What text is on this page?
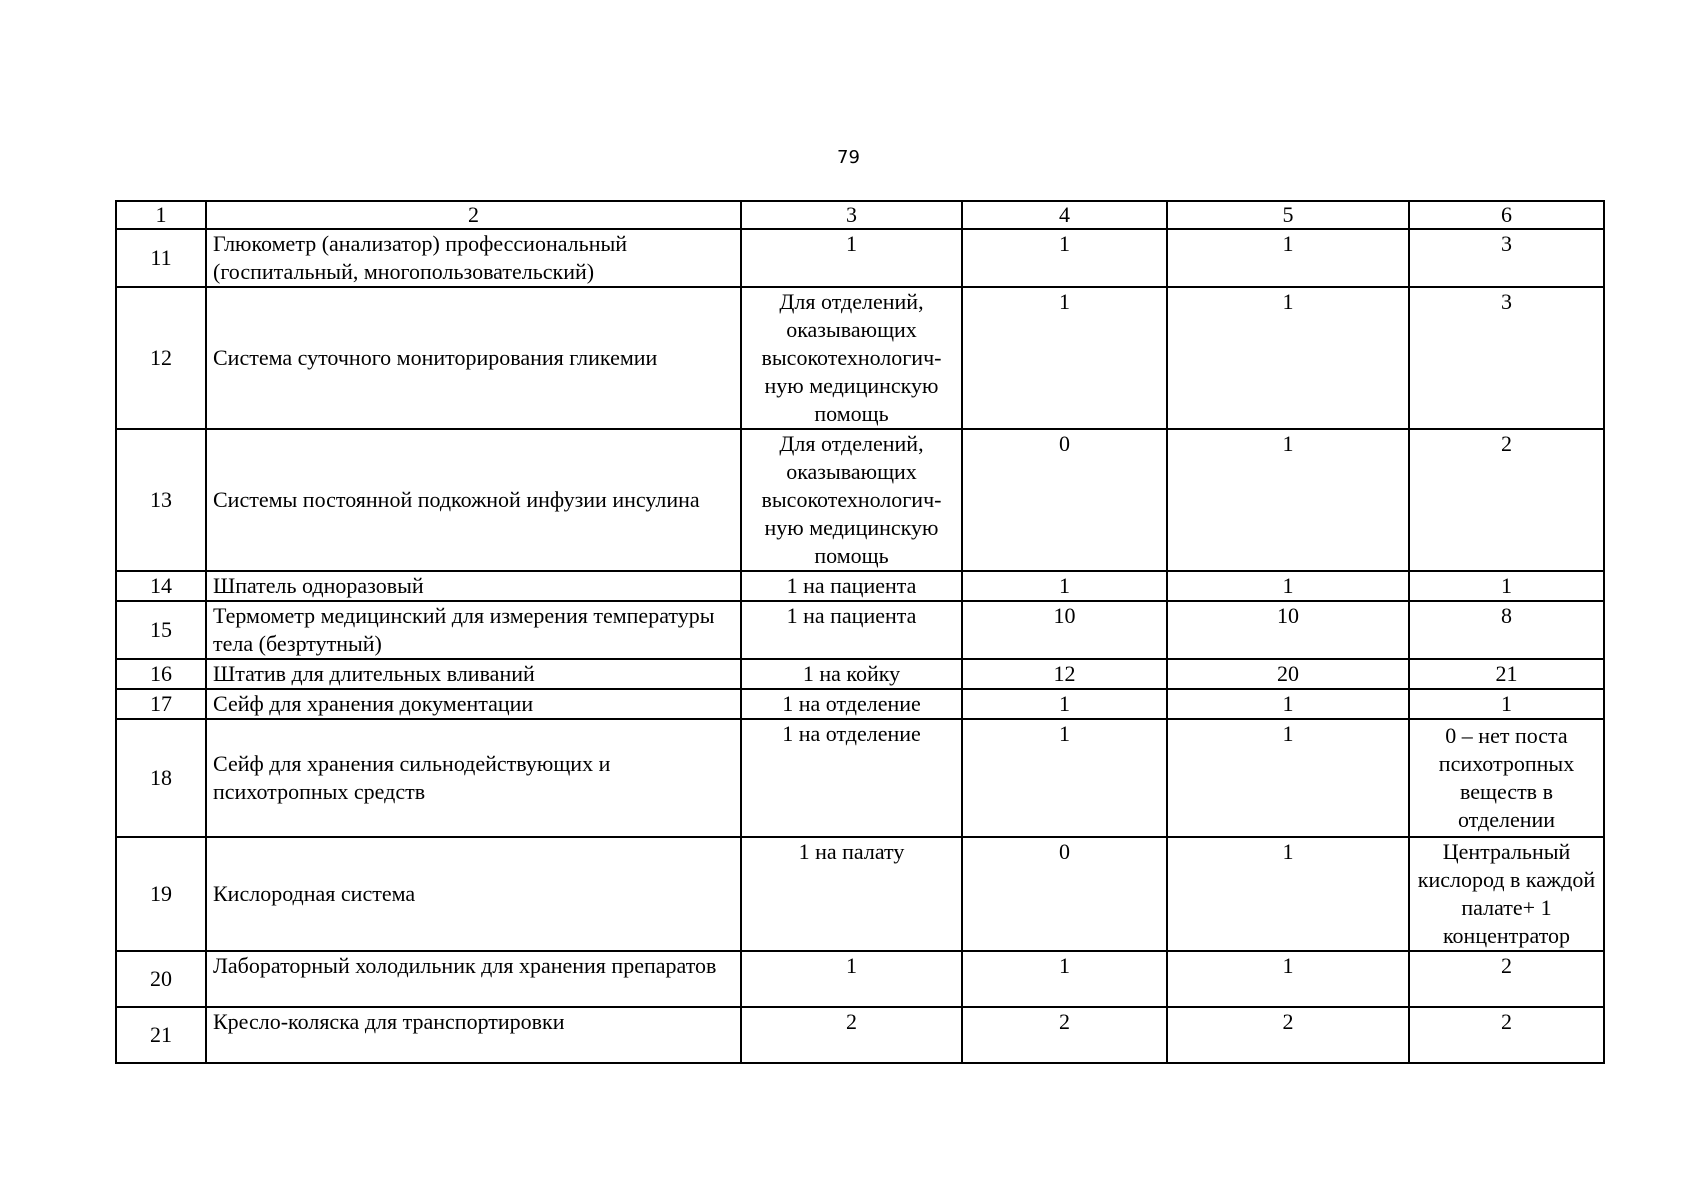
79
1	2	3	4	5	6
11	Глюкометр (анализатор) профессиональный (госпитальный, многопользовательский)	1	1	1	3
12	Система суточного мониторирования гликемии	Для отделений, оказывающих высокотехнологич-ную медицинскую помощь	1	1	3
13	Системы постоянной подкожной инфузии инсулина	Для отделений, оказывающих высокотехнологич-ную медицинскую помощь	0	1	2
14	Шпатель одноразовый	1 на пациента	1	1	1
15	Термометр медицинский для измерения температуры тела (безртутный)	1 на пациента	10	10	8
16	Штатив для длительных вливаний	1 на койку	12	20	21
17	Сейф для хранения документации	1 на отделение	1	1	1
18	Сейф для хранения сильнодействующих и психотропных средств	1 на отделение	1	1	0 – нет поста психотропных веществ в отделении
19	Кислородная система	1 на палату	0	1	Центральный кислород в каждой палате+ 1 концентратор
20	Лабораторный холодильник для хранения препаратов	1	1	1	2
21	Кресло-коляска для транспортировки	2	2	2	2
